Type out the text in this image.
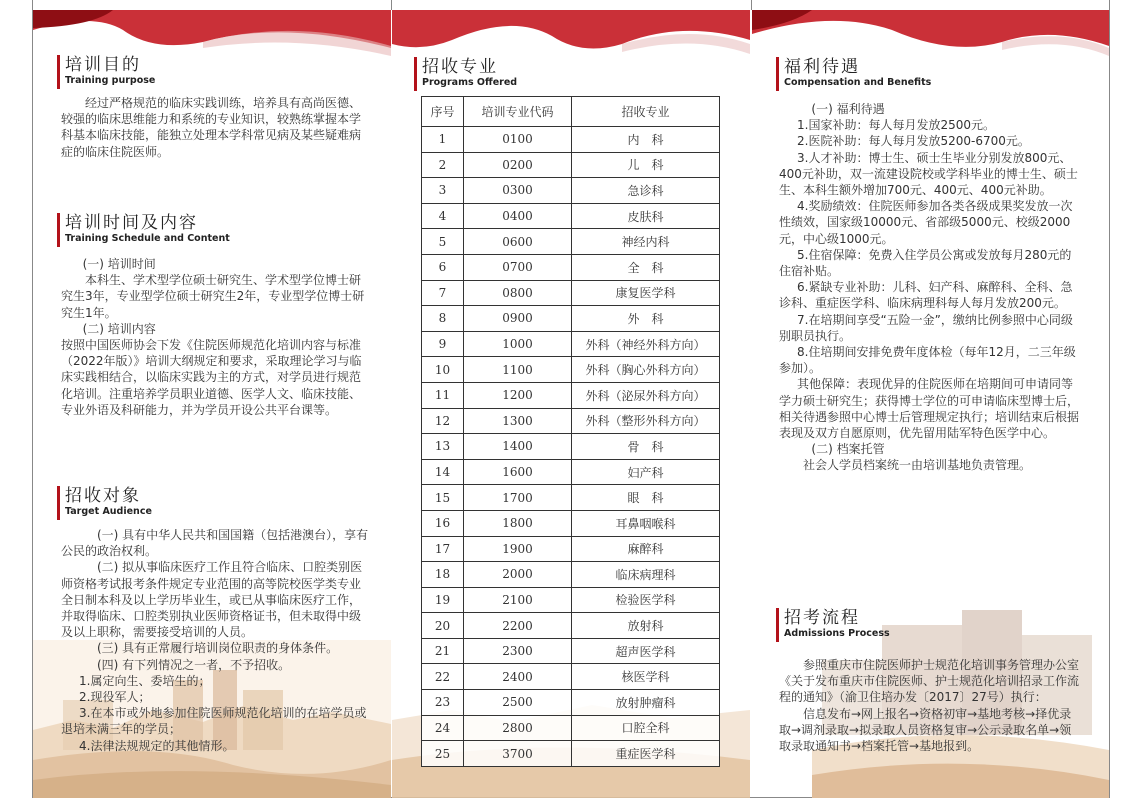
培训目的
Training purpose

经过严格规范的临床实践训练，培养具有高尚医德、较强的临床思维能力和系统的专业知识，较熟练掌握本学科基本临床技能，能独立处理本学科常见病及某些疑难病症的临床住院医师。

培训时间及内容
Training Schedule and Content

(一) 培训时间

本科生、学术型学位硕士研究生、学术型学位博士研究生3年，专业型学位硕士研究生2年，专业型学位博士研究生1年。

(二) 培训内容

按照中国医师协会下发《住院医师规范化培训内容与标准（2022年版）》培训大纲规定和要求，采取理论学习与临床实践相结合，以临床实践为主的方式，对学员进行规范化培训。注重培养学员职业道德、医学人文、临床技能、专业外语及科研能力，并为学员开设公共平台课等。

招收对象
Target Audience

(一) 具有中华人民共和国国籍（包括港澳台），享有公民的政治权利。

(二) 拟从事临床医疗工作且符合临床、口腔类别医师资格考试报考条件规定专业范围的高等院校医学类专业全日制本科及以上学历毕业生，或已从事临床医疗工作，并取得临床、口腔类别执业医师资格证书，但未取得中级及以上职称，需要接受培训的人员。

(三) 具有正常履行培训岗位职责的身体条件。

(四) 有下列情况之一者，不予招收。

1.属定向生、委培生的；

2.现役军人；

3.在本市或外地参加住院医师规范化培训的在培学员或退培未满三年的学员；

4.法律法规规定的其他情形。

招收专业
Programs Offered
序号	培训专业代码	招收专业
1	0100	内　科
2	0200	儿　科
3	0300	急诊科
4	0400	皮肤科
5	0600	神经内科
6	0700	全　科
7	0800	康复医学科
8	0900	外　科
9	1000	外科（神经外科方向）
10	1100	外科（胸心外科方向）
11	1200	外科（泌尿外科方向）
12	1300	外科（整形外科方向）
13	1400	骨　科
14	1600	妇产科
15	1700	眼　科
16	1800	耳鼻咽喉科
17	1900	麻醉科
18	2000	临床病理科
19	2100	检验医学科
20	2200	放射科
21	2300	超声医学科
22	2400	核医学科
23	2500	放射肿瘤科
24	2800	口腔全科
25	3700	重症医学科
福利待遇
Compensation and Benefits

(一) 福利待遇

1.国家补助：每人每月发放2500元。

2.医院补助：每人每月发放5200-6700元。

3.人才补助：博士生、硕士生毕业分别发放800元、400元补助，双一流建设院校或学科毕业的博士生、硕士生、本科生额外增加700元、400元、400元补助。

4.奖励绩效：住院医师参加各类各级成果奖发放一次性绩效，国家级10000元、省部级5000元、校级2000元，中心级1000元。

5.住宿保障：免费入住学员公寓或发放每月280元的住宿补贴。

6.紧缺专业补助：儿科、妇产科、麻醉科、全科、急诊科、重症医学科、临床病理科每人每月发放200元。

7.在培期间享受“五险一金”，缴纳比例参照中心同级别职员执行。

8.住培期间安排免费年度体检（每年12月，二三年级参加）。

其他保障：表现优异的住院医师在培期间可申请同等学力硕士研究生；获得博士学位的可申请临床型博士后，相关待遇参照中心博士后管理规定执行；培训结束后根据表现及双方自愿原则，优先留用陆军特色医学中心。

(二) 档案托管

社会人学员档案统一由培训基地负责管理。

招考流程
Admissions Process

参照重庆市住院医师护士规范化培训事务管理办公室《关于发布重庆市住院医师、护士规范化培训招录工作流程的通知》（渝卫住培办发〔2017〕27号）执行：

信息发布→网上报名→资格初审→基地考核→择优录取→调剂录取→拟录取人员资格复审→公示录取名单→领取录取通知书→档案托管→基地报到。
